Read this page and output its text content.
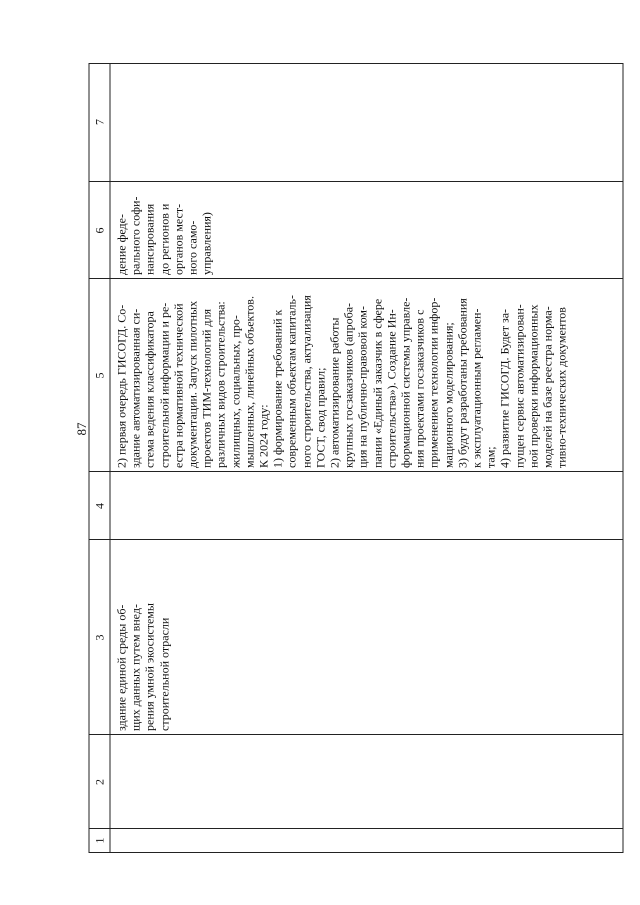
87
1
2
3
4
5
6
7
здание единой среды об-
щих данных путем внед-
рения умной экосистемы
строительной отрасли
2) первая очередь ГИСОГД. Со-
здание автоматизированная си-
стема ведения классификатора
строительной информации и ре-
естра нормативной технической
документации. Запуск пилотных
проектов ТИМ-технологий для
различных видов строительства:
жилищных, социальных, про-
мышленных, линейных объектов.
К 2024 году:
1) формирование требований к
современным объектам капиталь-
ного строительства, актуализация
ГОСТ, свод правил;
2) автоматизирование работы
крупных госзаказчиков (апроба-
ция на публично-правовой ком-
пании «Единый заказчик в сфере
строительства»). Создание Ин-
формационной системы управле-
ния проектами госзаказчиков с
применением технологии инфор-
мационного моделирования;
3) будут разработаны требования
к эксплуатационным регламен-
там;
4) развитие ГИСОГД. Будет за-
пущен сервис автоматизирован-
ной проверки информационных
моделей на базе реестра норма-
тивно-технических документов
дение феде-
рального софи-
нансирования
до регионов и
органов мест-
ного само-
управления)
